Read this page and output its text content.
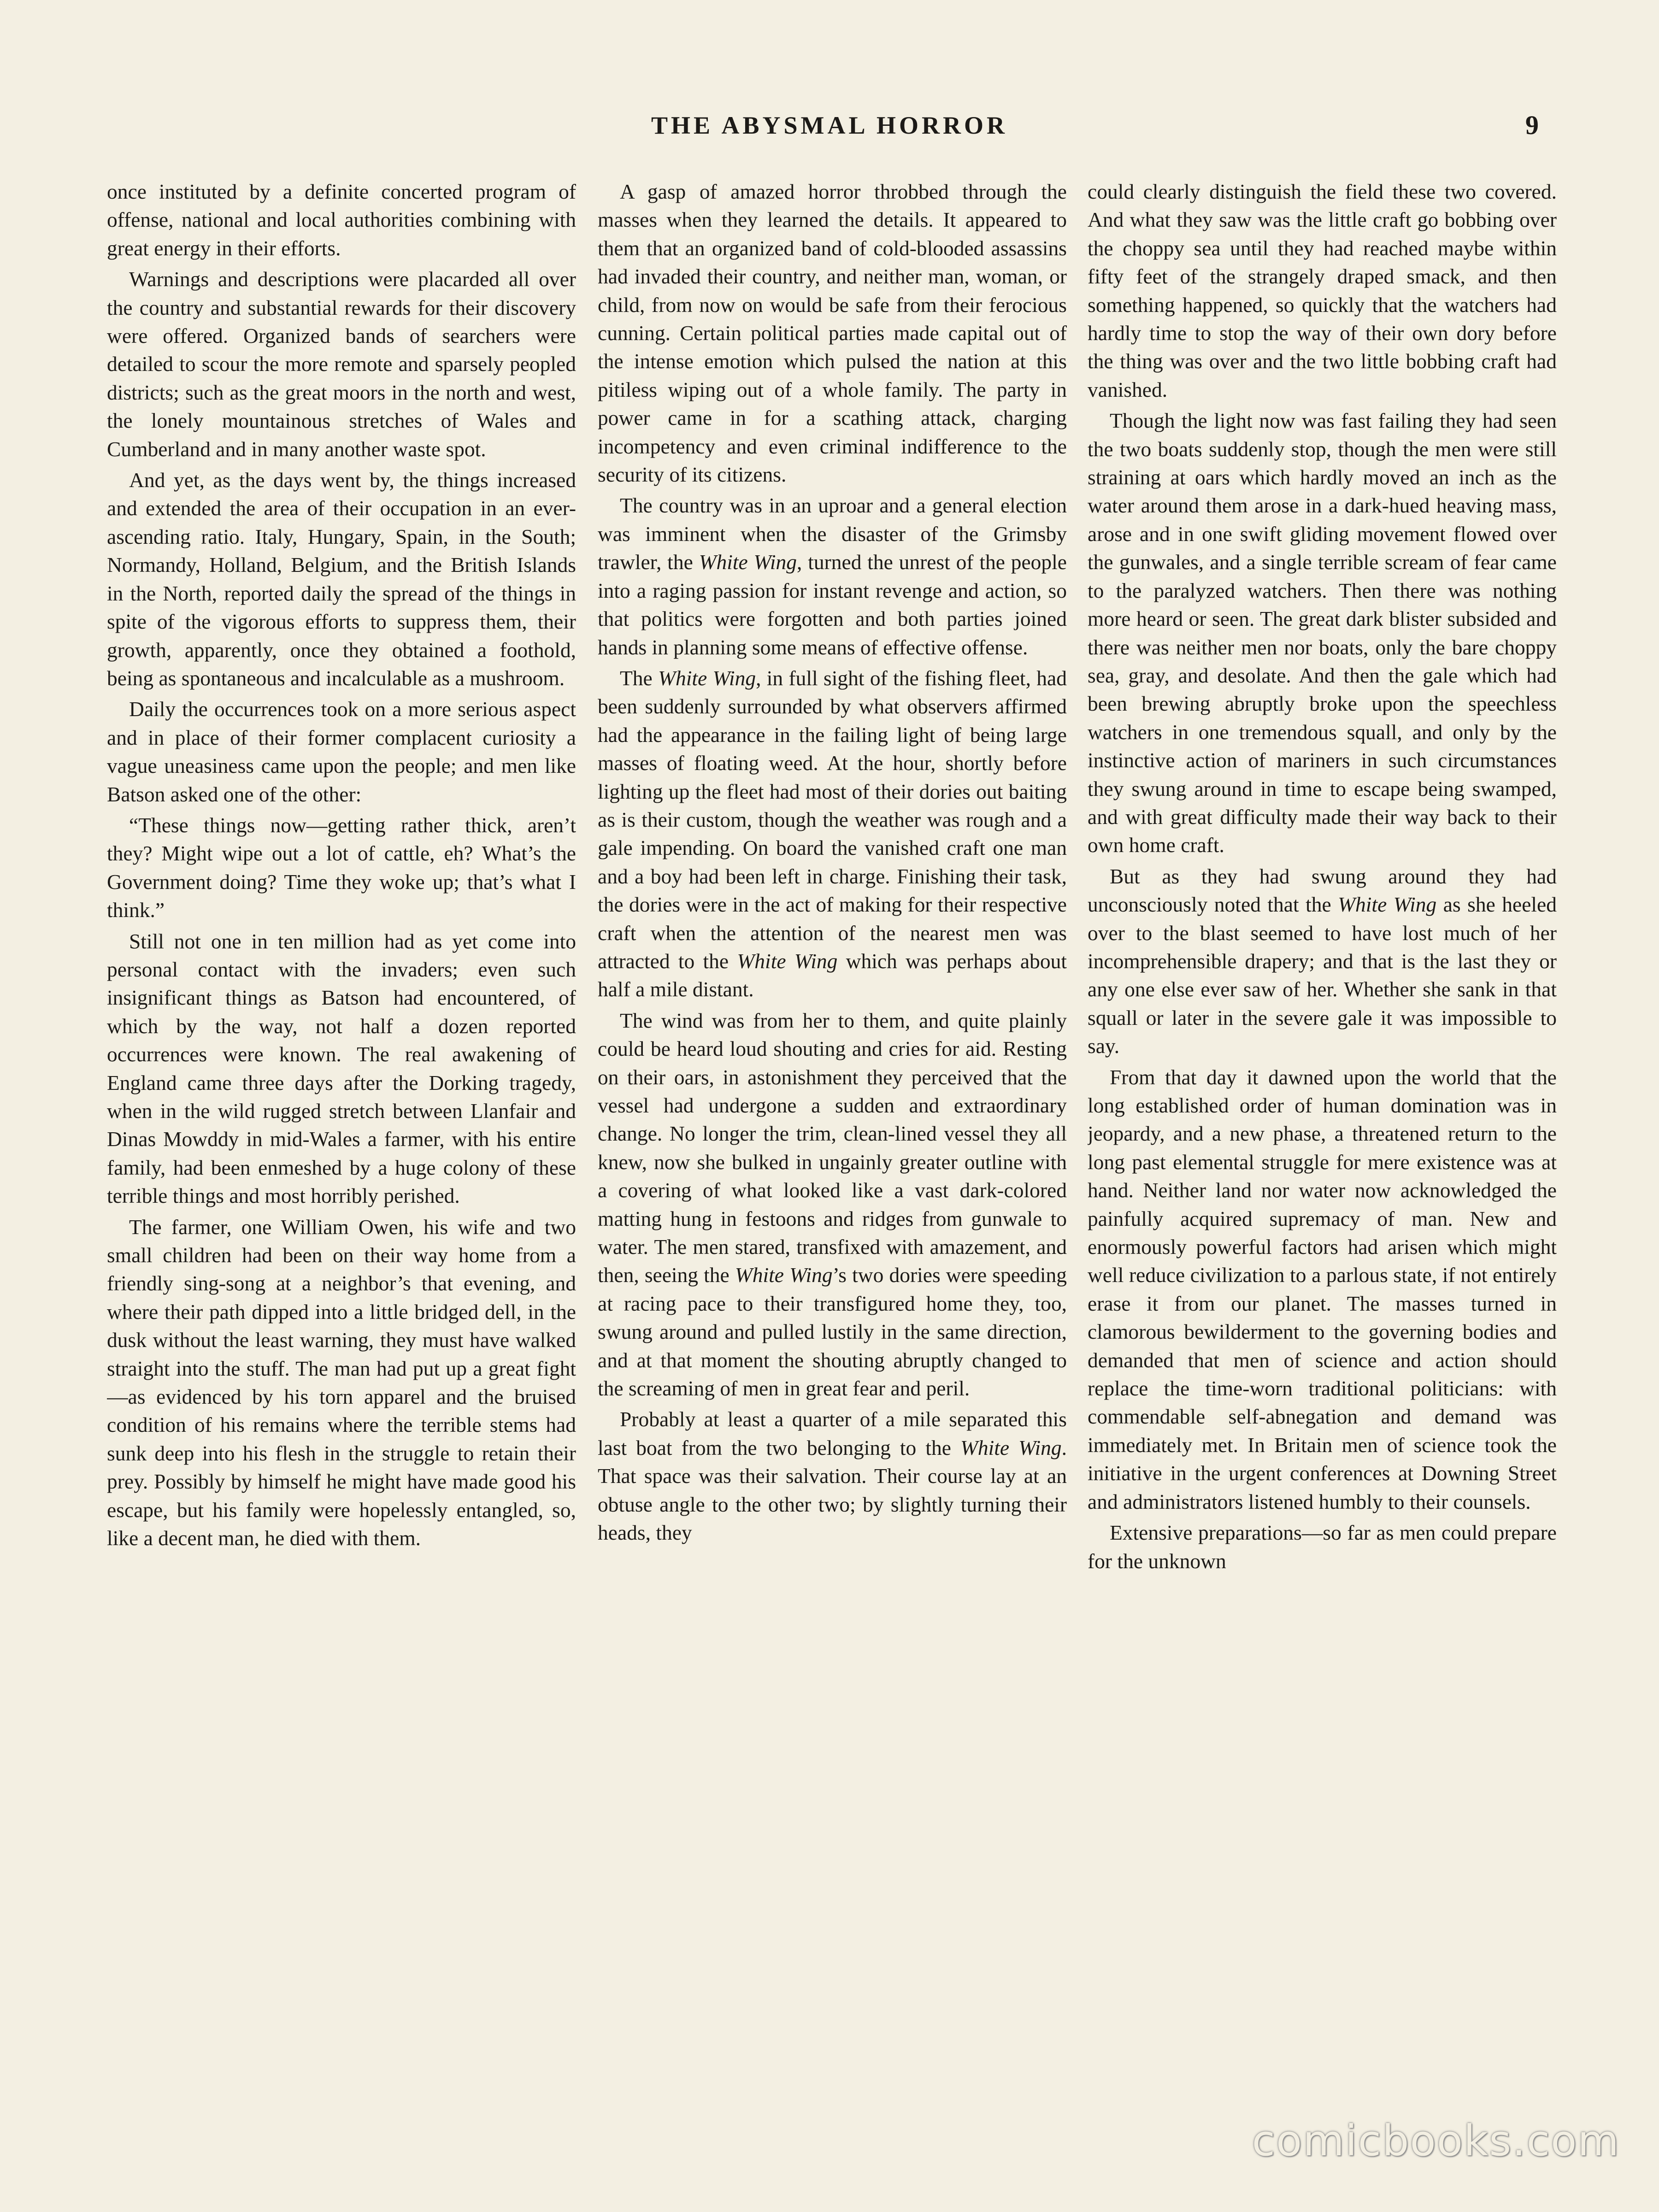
THE ABYSMAL HORROR	9

once instituted by a definite concerted program of offense, national and local authorities combining with great energy in their efforts.

Warnings and descriptions were placarded all over the country and substantial rewards for their discovery were offered. Organized bands of searchers were detailed to scour the more remote and sparsely peopled districts; such as the great moors in the north and west, the lonely mountainous stretches of Wales and Cumberland and in many another waste spot.

And yet, as the days went by, the things increased and extended the area of their occupation in an ever-ascending ratio. Italy, Hungary, Spain, in the South; Normandy, Holland, Belgium, and the British Islands in the North, reported daily the spread of the things in spite of the vigorous efforts to suppress them, their growth, apparently, once they obtained a foothold, being as spontaneous and incalculable as a mushroom.

Daily the occurrences took on a more serious aspect and in place of their former complacent curiosity a vague uneasiness came upon the people; and men like Batson asked one of the other:

“These things now—getting rather thick, aren’t they? Might wipe out a lot of cattle, eh? What’s the Government doing? Time they woke up; that’s what I think.”

Still not one in ten million had as yet come into personal contact with the invaders; even such insignificant things as Batson had encountered, of which by the way, not half a dozen reported occurrences were known. The real awakening of England came three days after the Dorking tragedy, when in the wild rugged stretch between Llanfair and Dinas Mowddy in mid-Wales a farmer, with his entire family, had been enmeshed by a huge colony of these terrible things and most horribly perished.

The farmer, one William Owen, his wife and two small children had been on their way home from a friendly sing-song at a neighbor’s that evening, and where their path dipped into a little bridged dell, in the dusk without the least warning, they must have walked straight into the stuff. The man had put up a great fight—as evidenced by his torn apparel and the bruised condition of his remains where the terrible stems had sunk deep into his flesh in the struggle to retain their prey. Possibly by himself he might have made good his escape, but his family were hopelessly entangled, so, like a decent man, he died with them.

A gasp of amazed horror throbbed through the masses when they learned the details. It appeared to them that an organized band of cold-blooded assassins had invaded their country, and neither man, woman, or child, from now on would be safe from their ferocious cunning. Certain political parties made capital out of the intense emotion which pulsed the nation at this pitiless wiping out of a whole family. The party in power came in for a scathing attack, charging incompetency and even criminal indifference to the security of its citizens.

The country was in an uproar and a general election was imminent when the disaster of the Grimsby trawler, the White Wing, turned the unrest of the people into a raging passion for instant revenge and action, so that politics were forgotten and both parties joined hands in planning some means of effective offense.

The White Wing, in full sight of the fishing fleet, had been suddenly surrounded by what observers affirmed had the appearance in the failing light of being large masses of floating weed. At the hour, shortly before lighting up the fleet had most of their dories out baiting as is their custom, though the weather was rough and a gale impending. On board the vanished craft one man and a boy had been left in charge. Finishing their task, the dories were in the act of making for their respective craft when the attention of the nearest men was attracted to the White Wing which was perhaps about half a mile distant.

The wind was from her to them, and quite plainly could be heard loud shouting and cries for aid. Resting on their oars, in astonishment they perceived that the vessel had undergone a sudden and extraordinary change. No longer the trim, clean-lined vessel they all knew, now she bulked in ungainly greater outline with a covering of what looked like a vast dark-colored matting hung in festoons and ridges from gunwale to water. The men stared, transfixed with amazement, and then, seeing the White Wing’s two dories were speeding at racing pace to their transfigured home they, too, swung around and pulled lustily in the same direction, and at that moment the shouting abruptly changed to the screaming of men in great fear and peril.

Probably at least a quarter of a mile separated this last boat from the two belonging to the White Wing. That space was their salvation. Their course lay at an obtuse angle to the other two; by slightly turning their heads, they

could clearly distinguish the field these two covered. And what they saw was the little craft go bobbing over the choppy sea until they had reached maybe within fifty feet of the strangely draped smack, and then something happened, so quickly that the watchers had hardly time to stop the way of their own dory before the thing was over and the two little bobbing craft had vanished.

Though the light now was fast failing they had seen the two boats suddenly stop, though the men were still straining at oars which hardly moved an inch as the water around them arose in a dark-hued heaving mass, arose and in one swift gliding movement flowed over the gunwales, and a single terrible scream of fear came to the paralyzed watchers. Then there was nothing more heard or seen. The great dark blister subsided and there was neither men nor boats, only the bare choppy sea, gray, and desolate. And then the gale which had been brewing abruptly broke upon the speechless watchers in one tremendous squall, and only by the instinctive action of mariners in such circumstances they swung around in time to escape being swamped, and with great difficulty made their way back to their own home craft.

But as they had swung around they had unconsciously noted that the White Wing as she heeled over to the blast seemed to have lost much of her incomprehensible drapery; and that is the last they or any one else ever saw of her. Whether she sank in that squall or later in the severe gale it was impossible to say.

From that day it dawned upon the world that the long established order of human domination was in jeopardy, and a new phase, a threatened return to the long past elemental struggle for mere existence was at hand. Neither land nor water now acknowledged the painfully acquired supremacy of man. New and enormously powerful factors had arisen which might well reduce civilization to a parlous state, if not entirely erase it from our planet. The masses turned in clamorous bewilderment to the governing bodies and demanded that men of science and action should replace the time-worn traditional politicians: with commendable self-abnegation and demand was immediately met. In Britain men of science took the initiative in the urgent conferences at Downing Street and administrators listened humbly to their counsels.

Extensive preparations—so far as men could prepare for the unknown

comicbooks.com
